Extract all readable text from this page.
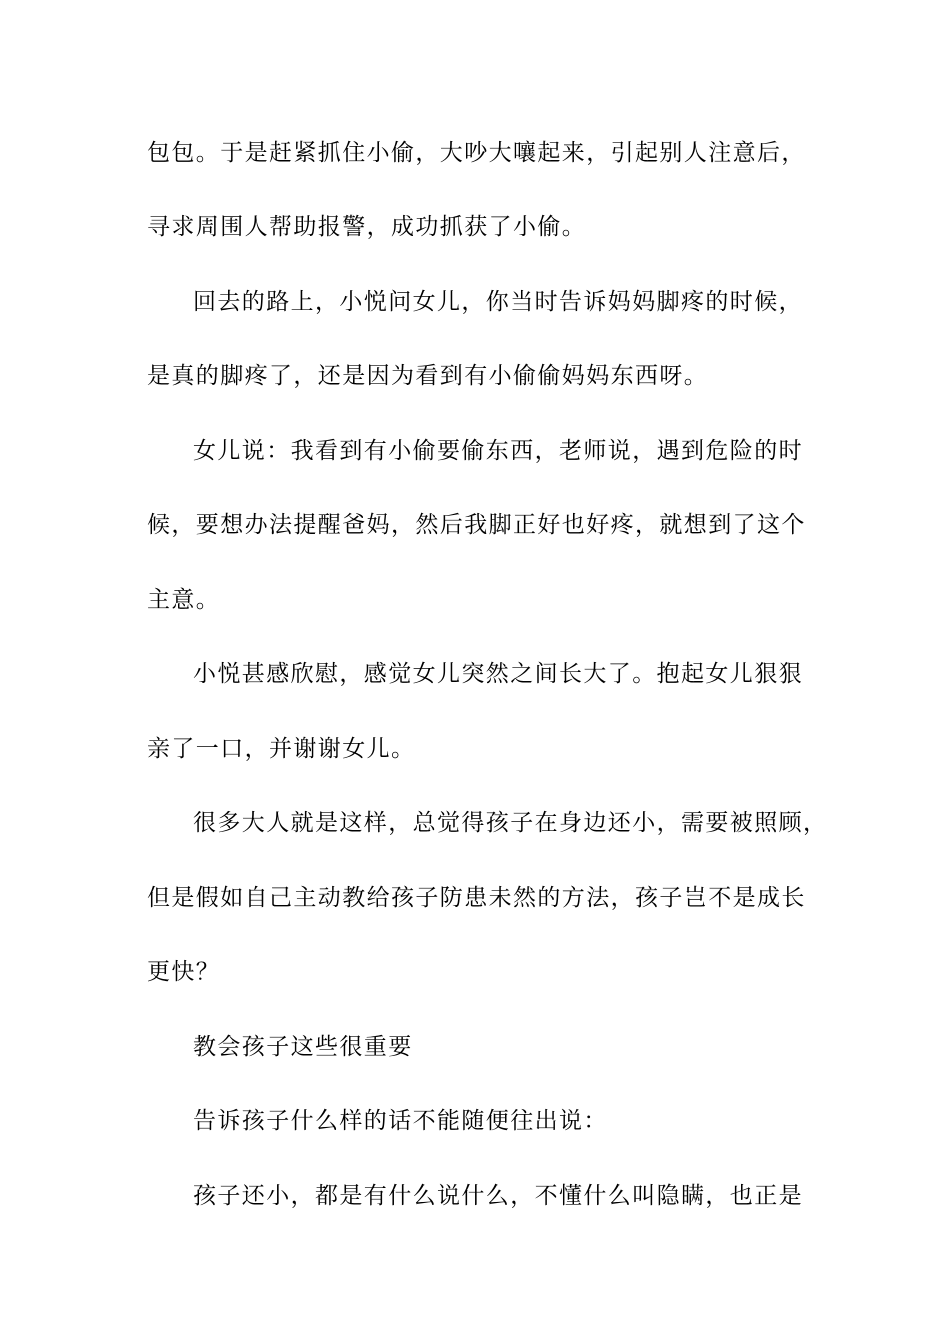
包包。于是赶紧抓住小偷，大吵大嚷起来，引起别人注意后，
寻求周围人帮助报警，成功抓获了小偷。
回去的路上，小悦问女儿，你当时告诉妈妈脚疼的时候，
是真的脚疼了，还是因为看到有小偷偷妈妈东西呀。
女儿说：我看到有小偷要偷东西，老师说，遇到危险的时
候，要想办法提醒爸妈，然后我脚正好也好疼，就想到了这个
主意。
小悦甚感欣慰，感觉女儿突然之间长大了。抱起女儿狠狠
亲了一口，并谢谢女儿。
很多大人就是这样，总觉得孩子在身边还小，需要被照顾，
但是假如自己主动教给孩子防患未然的方法，孩子岂不是成长
更快？
教会孩子这些很重要
告诉孩子什么样的话不能随便往出说：
孩子还小，都是有什么说什么，不懂什么叫隐瞒，也正是
